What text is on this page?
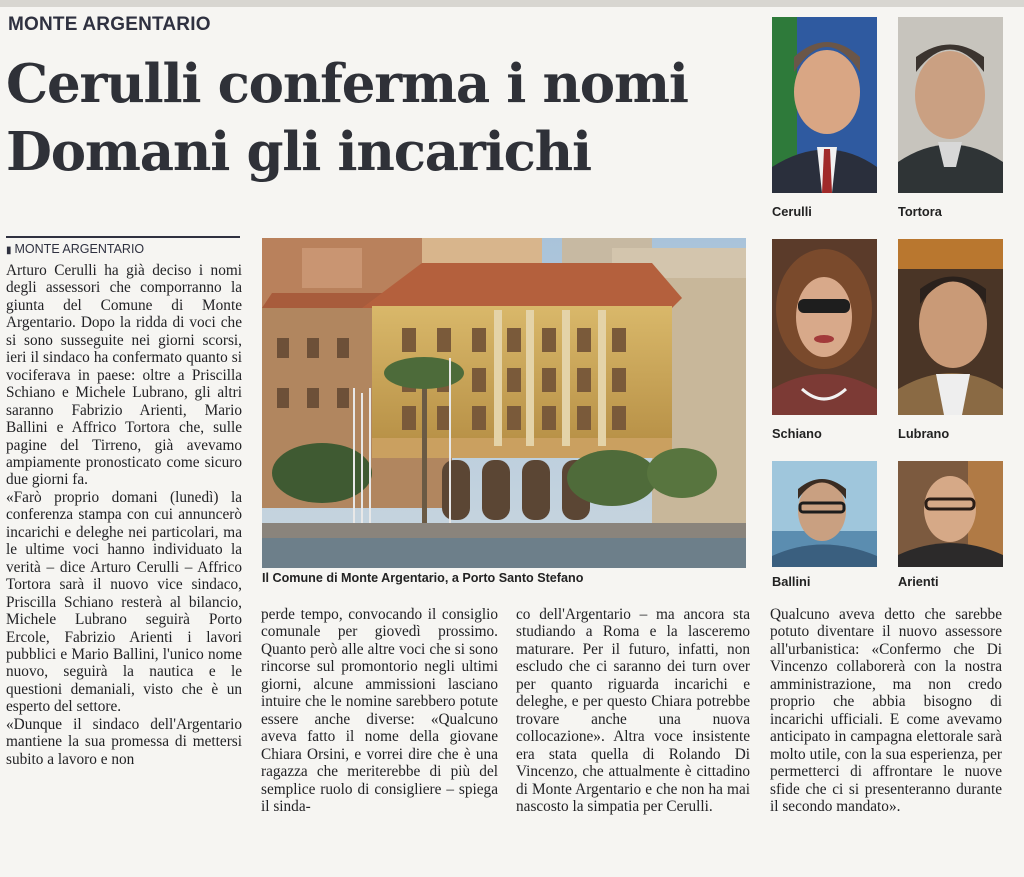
MONTE ARGENTARIO
Cerulli conferma i nomi
Domani gli incarichi
▮ MONTE ARGENTARIO
Il Comune di Monte Argentario, a Porto Santo Stefano
Cerulli	Tortora
Schiano	Lubrano
Ballini	Arienti

Arturo Cerulli ha già deciso i nomi degli assessori che comporranno la giunta del Comune di Monte Argentario. Dopo la ridda di voci che si sono susseguite nei giorni scorsi, ieri il sindaco ha confermato quanto si vociferava in paese: oltre a Priscilla Schiano e Michele Lubrano, gli altri saranno Fabrizio Arienti, Mario Ballini e Affrico Tortora che, sulle pagine del Tirreno, già avevamo ampiamente pronosticato come sicuro due giorni fa.
«Farò proprio domani (lunedì) la conferenza stampa con cui annuncerò incarichi e deleghe nei particolari, ma le ultime voci hanno individuato la verità – dice Arturo Cerulli – Affrico Tortora sarà il nuovo vice sindaco, Priscilla Schiano resterà al bilancio, Michele Lubrano seguirà Porto Ercole, Fabrizio Arienti i lavori pubblici e Mario Ballini, l'unico nome nuovo, seguirà la nautica e le questioni demaniali, visto che è un esperto del settore.
«Dunque il sindaco dell'Argentario mantiene la sua promessa di mettersi subito a lavoro e non

perde tempo, convocando il consiglio comunale per giovedì prossimo. Quanto però alle altre voci che si sono rincorse sul promontorio negli ultimi giorni, alcune ammissioni lasciano intuire che le nomine sarebbero potute essere anche diverse: «Qualcuno aveva fatto il nome della giovane Chiara Orsini, e vorrei dire che è una ragazza che meriterebbe di più del semplice ruolo di consigliere – spiega il sinda-

co dell'Argentario – ma ancora sta studiando a Roma e la lasceremo maturare. Per il futuro, infatti, non escludo che ci saranno dei turn over per quanto riguarda incarichi e deleghe, e per questo Chiara potrebbe trovare anche una nuova collocazione». Altra voce insistente era stata quella di Rolando Di Vincenzo, che attualmente è cittadino di Monte Argentario e che non ha mai nascosto la simpatia per Cerulli.

Qualcuno aveva detto che sarebbe potuto diventare il nuovo assessore all'urbanistica: «Confermo che Di Vincenzo collaborerà con la nostra amministrazione, ma non credo proprio che abbia bisogno di incarichi ufficiali. E come avevamo anticipato in campagna elettorale sarà molto utile, con la sua esperienza, per permetterci di affrontare le nuove sfide che ci si presenteranno durante il secondo mandato».
